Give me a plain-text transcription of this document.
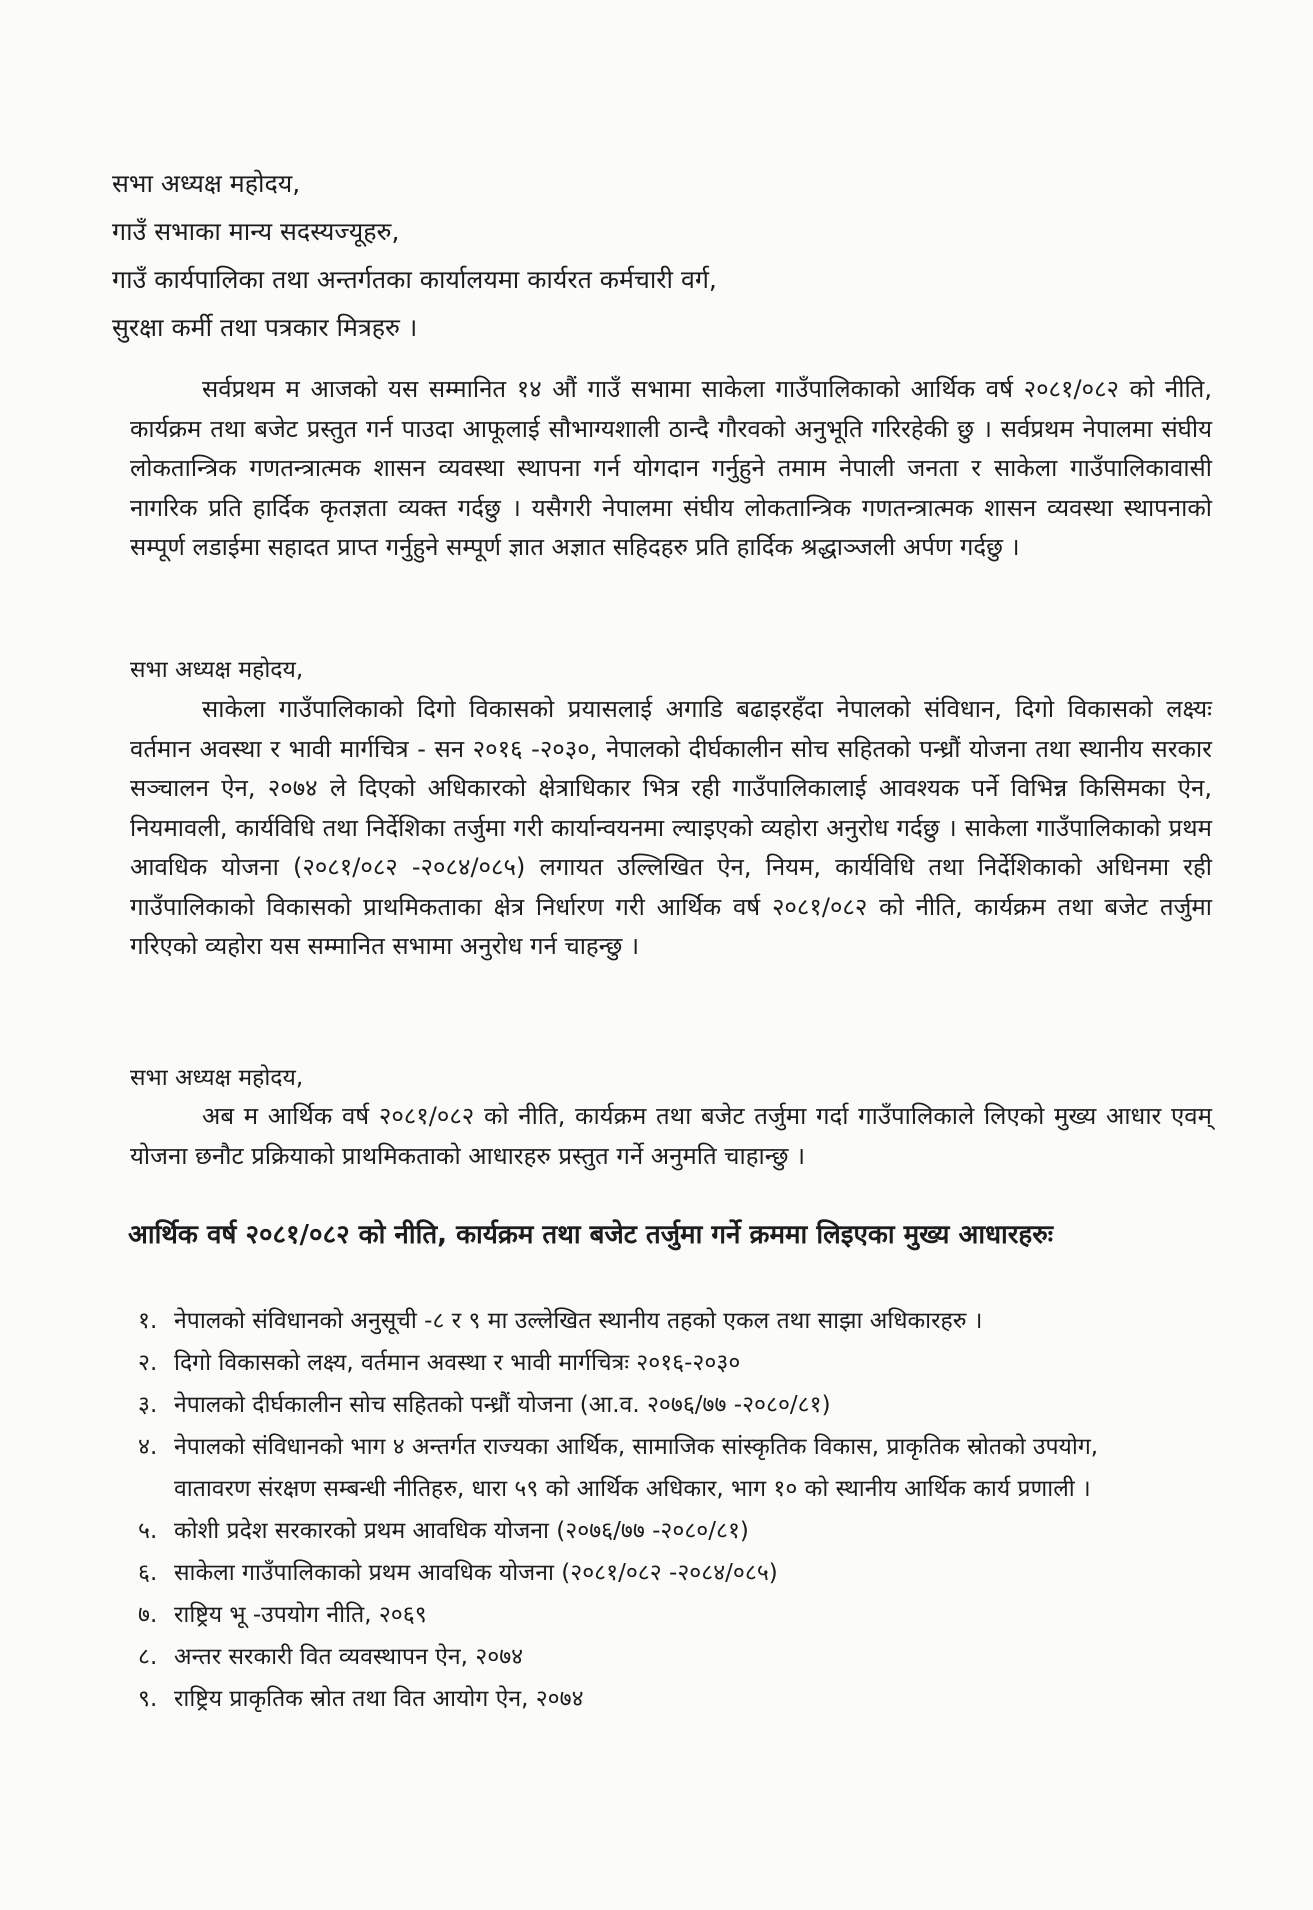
सभा अध्यक्ष महोदय,

गाउँ सभाका मान्य सदस्यज्यूहरु,

गाउँ कार्यपालिका तथा अन्तर्गतका कार्यालयमा कार्यरत कर्मचारी वर्ग,

सुरक्षा कर्मी तथा पत्रकार मित्रहरु ।

सर्वप्रथम म आजको यस सम्मानित १४ औं गाउँ सभामा साकेला गाउँपालिकाको आर्थिक वर्ष २०८१/०८२ को नीति, कार्यक्रम तथा बजेट प्रस्तुत गर्न पाउदा आफूलाई सौभाग्यशाली ठान्दै गौरवको अनुभूति गरिरहेकी छु । सर्वप्रथम नेपालमा संघीय लोकतान्त्रिक गणतन्त्रात्मक शासन व्यवस्था स्थापना गर्न योगदान गर्नुहुने तमाम नेपाली जनता र साकेला गाउँपालिकावासी नागरिक प्रति हार्दिक कृतज्ञता व्यक्त गर्दछु । यसैगरी नेपालमा संघीय लोकतान्त्रिक गणतन्त्रात्मक शासन व्यवस्था स्थापनाको सम्पूर्ण लडाईमा सहादत प्राप्त गर्नुहुने सम्पूर्ण ज्ञात अज्ञात सहिदहरु प्रति हार्दिक श्रद्धाञ्जली अर्पण गर्दछु ।

सभा अध्यक्ष महोदय,

साकेला गाउँपालिकाको दिगो विकासको प्रयासलाई अगाडि बढाइरहँदा नेपालको संविधान, दिगो विकासको लक्ष्यः वर्तमान अवस्था र भावी मार्गचित्र - सन २०१६ -२०३०, नेपालको दीर्घकालीन सोच सहितको पन्ध्रौं योजना तथा स्थानीय सरकार सञ्चालन ऐन, २०७४ ले दिएको अधिकारको क्षेत्राधिकार भित्र रही गाउँपालिकालाई आवश्यक पर्ने विभिन्न किसिमका ऐन, नियमावली, कार्यविधि तथा निर्देशिका तर्जुमा गरी कार्यान्वयनमा ल्याइएको व्यहोरा अनुरोध गर्दछु । साकेला गाउँपालिकाको प्रथम आवधिक योजना (२०८१/०८२ -२०८४/०८५) लगायत उल्लिखित ऐन, नियम, कार्यविधि तथा निर्देशिकाको अधिनमा रही गाउँपालिकाको विकासको प्राथमिकताका क्षेत्र निर्धारण गरी आर्थिक वर्ष २०८१/०८२ को नीति, कार्यक्रम तथा बजेट तर्जुमा गरिएको व्यहोरा यस सम्मानित सभामा अनुरोध गर्न चाहन्छु ।

सभा अध्यक्ष महोदय,

अब म आर्थिक वर्ष २०८१/०८२ को नीति, कार्यक्रम तथा बजेट तर्जुमा गर्दा गाउँपालिकाले लिएको मुख्य आधार एवम् योजना छनौट प्रक्रियाको प्राथमिकताको आधारहरु प्रस्तुत गर्ने अनुमति चाहान्छु ।

आर्थिक वर्ष २०८१/०८२ को नीति, कार्यक्रम तथा बजेट तर्जुमा गर्ने क्रममा लिइएका मुख्य आधारहरुः
१. नेपालको संविधानको अनुसूची -८ र ९ मा उल्लेखित स्थानीय तहको एकल तथा साझा अधिकारहरु ।
२. दिगो विकासको लक्ष्य, वर्तमान अवस्था र भावी मार्गचित्रः २०१६-२०३०
३. नेपालको दीर्घकालीन सोच सहितको पन्ध्रौं योजना (आ.व. २०७६/७७ -२०८०/८१)
४. नेपालको संविधानको भाग ४ अन्तर्गत राज्यका आर्थिक, सामाजिक सांस्कृतिक विकास, प्राकृतिक स्रोतको उपयोग, वातावरण संरक्षण सम्बन्धी नीतिहरु, धारा ५९ को आर्थिक अधिकार, भाग १० को स्थानीय आर्थिक कार्य प्रणाली ।
५. कोशी प्रदेश सरकारको प्रथम आवधिक योजना (२०७६/७७ -२०८०/८१)
६. साकेला गाउँपालिकाको प्रथम आवधिक योजना (२०८१/०८२ -२०८४/०८५)
७. राष्ट्रिय भू -उपयोग नीति, २०६९
८. अन्तर सरकारी वित व्यवस्थापन ऐन, २०७४
९. राष्ट्रिय प्राकृतिक स्रोत तथा वित आयोग ऐन, २०७४
